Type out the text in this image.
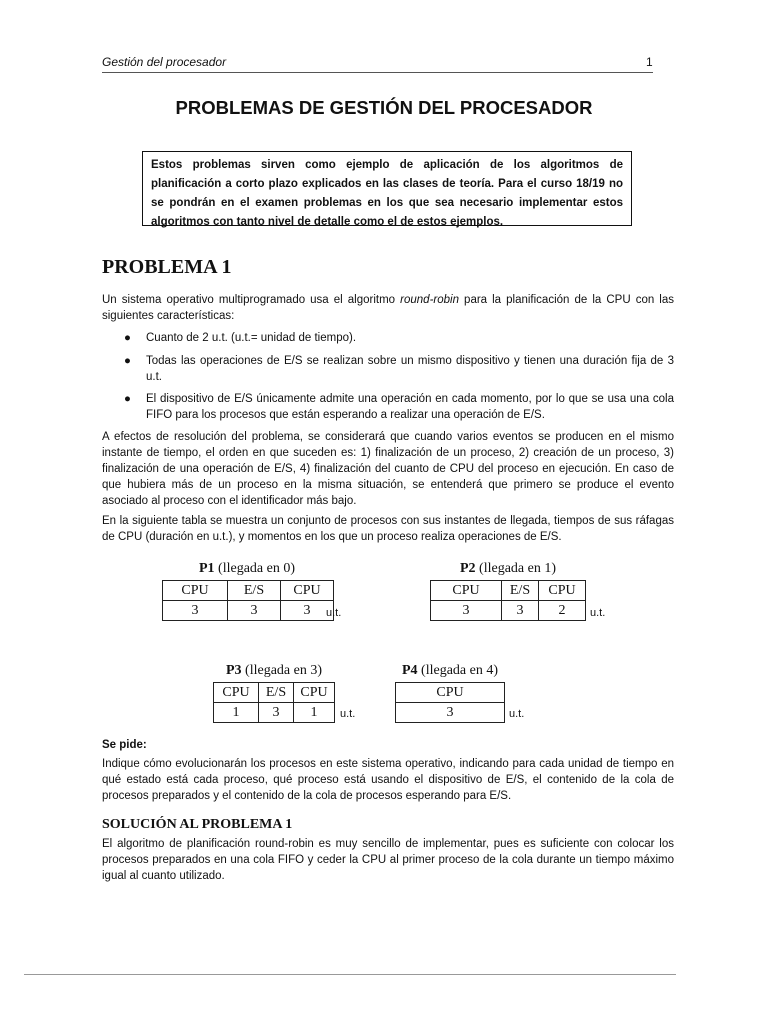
Gestión del procesador	1
PROBLEMAS DE GESTIÓN DEL PROCESADOR
Estos problemas sirven como ejemplo de aplicación de los algoritmos de planificación a corto plazo explicados en las clases de teoría. Para el curso 18/19 no se pondrán en el examen problemas en los que sea necesario implementar estos algoritmos con tanto nivel de detalle como el de estos ejemplos.
PROBLEMA 1
Un sistema operativo multiprogramado usa el algoritmo round-robin para la planificación de la CPU con las siguientes características:

● Cuanto de 2 u.t. (u.t.= unidad de tiempo).

● Todas las operaciones de E/S se realizan sobre un mismo dispositivo y tienen una duración fija de 3 u.t.

● El dispositivo de E/S únicamente admite una operación en cada momento, por lo que se usa una cola FIFO para los procesos que están esperando a realizar una operación de E/S.

A efectos de resolución del problema, se considerará que cuando varios eventos se producen en el mismo instante de tiempo, el orden en que suceden es: 1) finalización de un proceso, 2) creación de un proceso, 3) finalización de una operación de E/S, 4) finalización del cuanto de CPU del proceso en ejecución. En caso de que hubiera más de un proceso en la misma situación, se entenderá que primero se produce el evento asociado al proceso con el identificador más bajo.
En la siguiente tabla se muestra un conjunto de procesos con sus instantes de llegada, tiempos de sus ráfagas de CPU (duración en u.t.), y momentos en los que un proceso realiza operaciones de E/S.
P1 (llegada en 0)
CPU	E/S	CPU
3	3	3 u.t.
P2 (llegada en 1)
CPU	E/S	CPU
3	3	2 u.t.
P3 (llegada en 3)
CPU	E/S	CPU
1	3	1 u.t.
P4 (llegada en 4)
CPU
3	u.t.
Se pide:
Indique cómo evolucionarán los procesos en este sistema operativo, indicando para cada unidad de tiempo en qué estado está cada proceso, qué proceso está usando el dispositivo de E/S, el contenido de la cola de procesos preparados y el contenido de la cola de procesos esperando para E/S.
SOLUCIÓN AL PROBLEMA 1
El algoritmo de planificación round-robin es muy sencillo de implementar, pues es suficiente con colocar los procesos preparados en una cola FIFO y ceder la CPU al primer proceso de la cola durante un tiempo máximo igual al cuanto utilizado.
